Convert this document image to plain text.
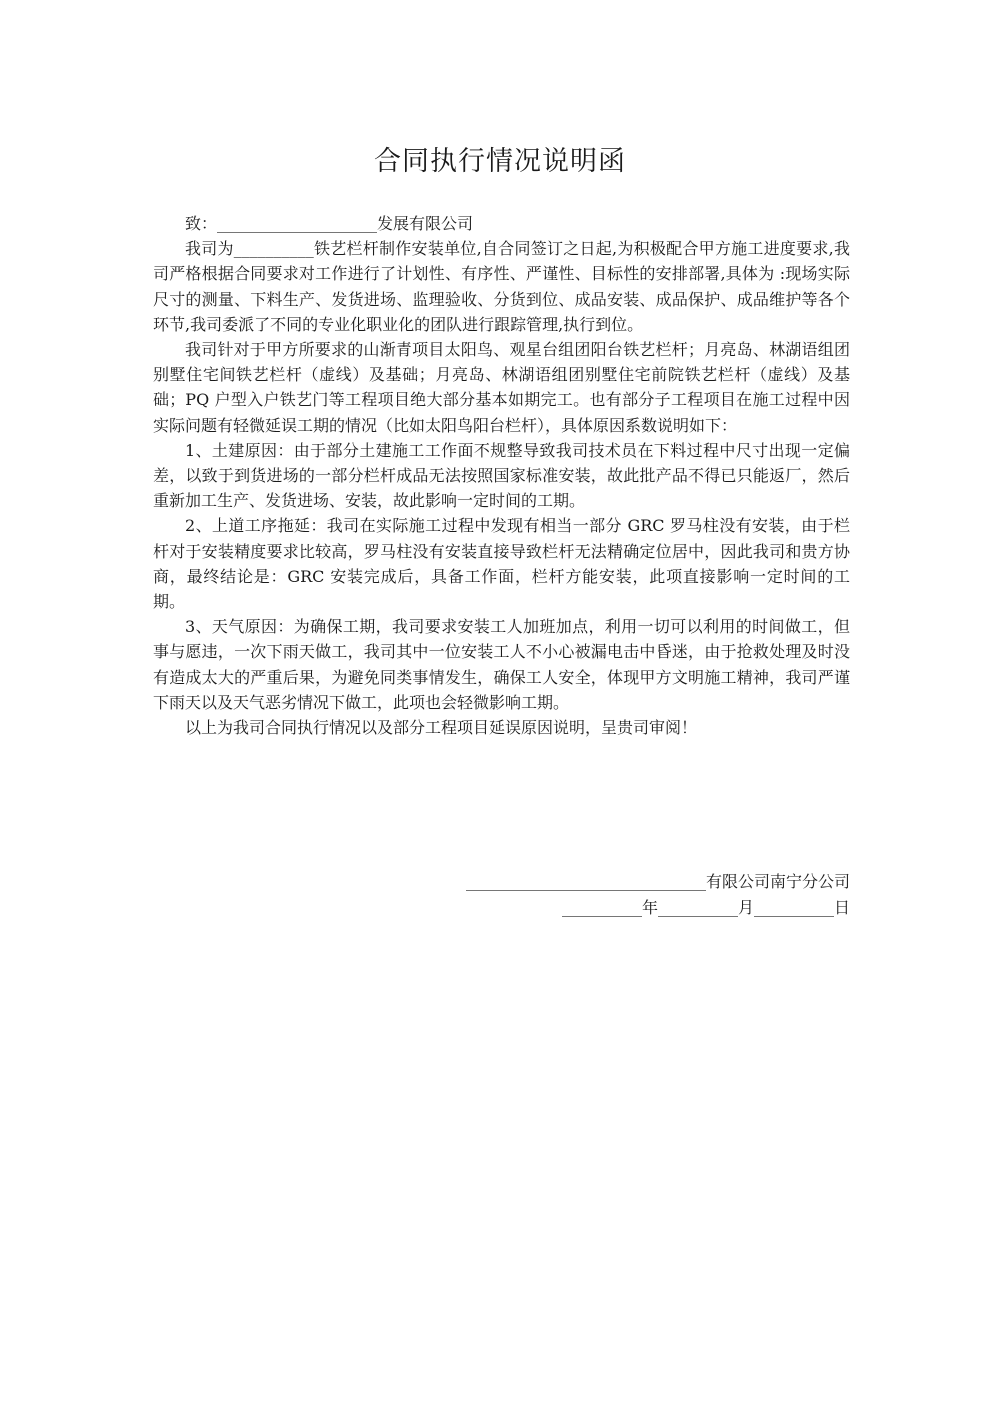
合同执行情况说明函

致：____________________发展有限公司

我司为__________铁艺栏杆制作安装单位,自合同签订之日起,为积极配合甲方施工进度要求,我司严格根据合同要求对工作进行了计划性、有序性、严谨性、目标性的安排部署,具体为 :现场实际尺寸的测量、下料生产、发货进场、监理验收、分货到位、成品安装、成品保护、成品维护等各个环节,我司委派了不同的专业化职业化的团队进行跟踪管理,执行到位。

我司针对于甲方所要求的山渐青项目太阳鸟、观星台组团阳台铁艺栏杆；月亮岛、林湖语组团别墅住宅间铁艺栏杆（虚线）及基础；月亮岛、林湖语组团别墅住宅前院铁艺栏杆（虚线）及基础；PQ 户型入户铁艺门等工程项目绝大部分基本如期完工。也有部分子工程项目在施工过程中因实际问题有轻微延误工期的情况（比如太阳鸟阳台栏杆），具体原因系数说明如下：

1、土建原因：由于部分土建施工工作面不规整导致我司技术员在下料过程中尺寸出现一定偏差，以致于到货进场的一部分栏杆成品无法按照国家标准安装，故此批产品不得已只能返厂，然后重新加工生产、发货进场、安装，故此影响一定时间的工期。

2、上道工序拖延：我司在实际施工过程中发现有相当一部分 GRC 罗马柱没有安装，由于栏杆对于安装精度要求比较高，罗马柱没有安装直接导致栏杆无法精确定位居中，因此我司和贵方协商，最终结论是：GRC 安装完成后，具备工作面，栏杆方能安装，此项直接影响一定时间的工期。

3、天气原因：为确保工期，我司要求安装工人加班加点，利用一切可以利用的时间做工，但事与愿违，一次下雨天做工，我司其中一位安装工人不小心被漏电击中昏迷，由于抢救处理及时没有造成太大的严重后果，为避免同类事情发生，确保工人安全，体现甲方文明施工精神，我司严谨下雨天以及天气恶劣情况下做工，此项也会轻微影响工期。

以上为我司合同执行情况以及部分工程项目延误原因说明，呈贵司审阅！

______________________________有限公司南宁分公司
__________年__________月__________日
